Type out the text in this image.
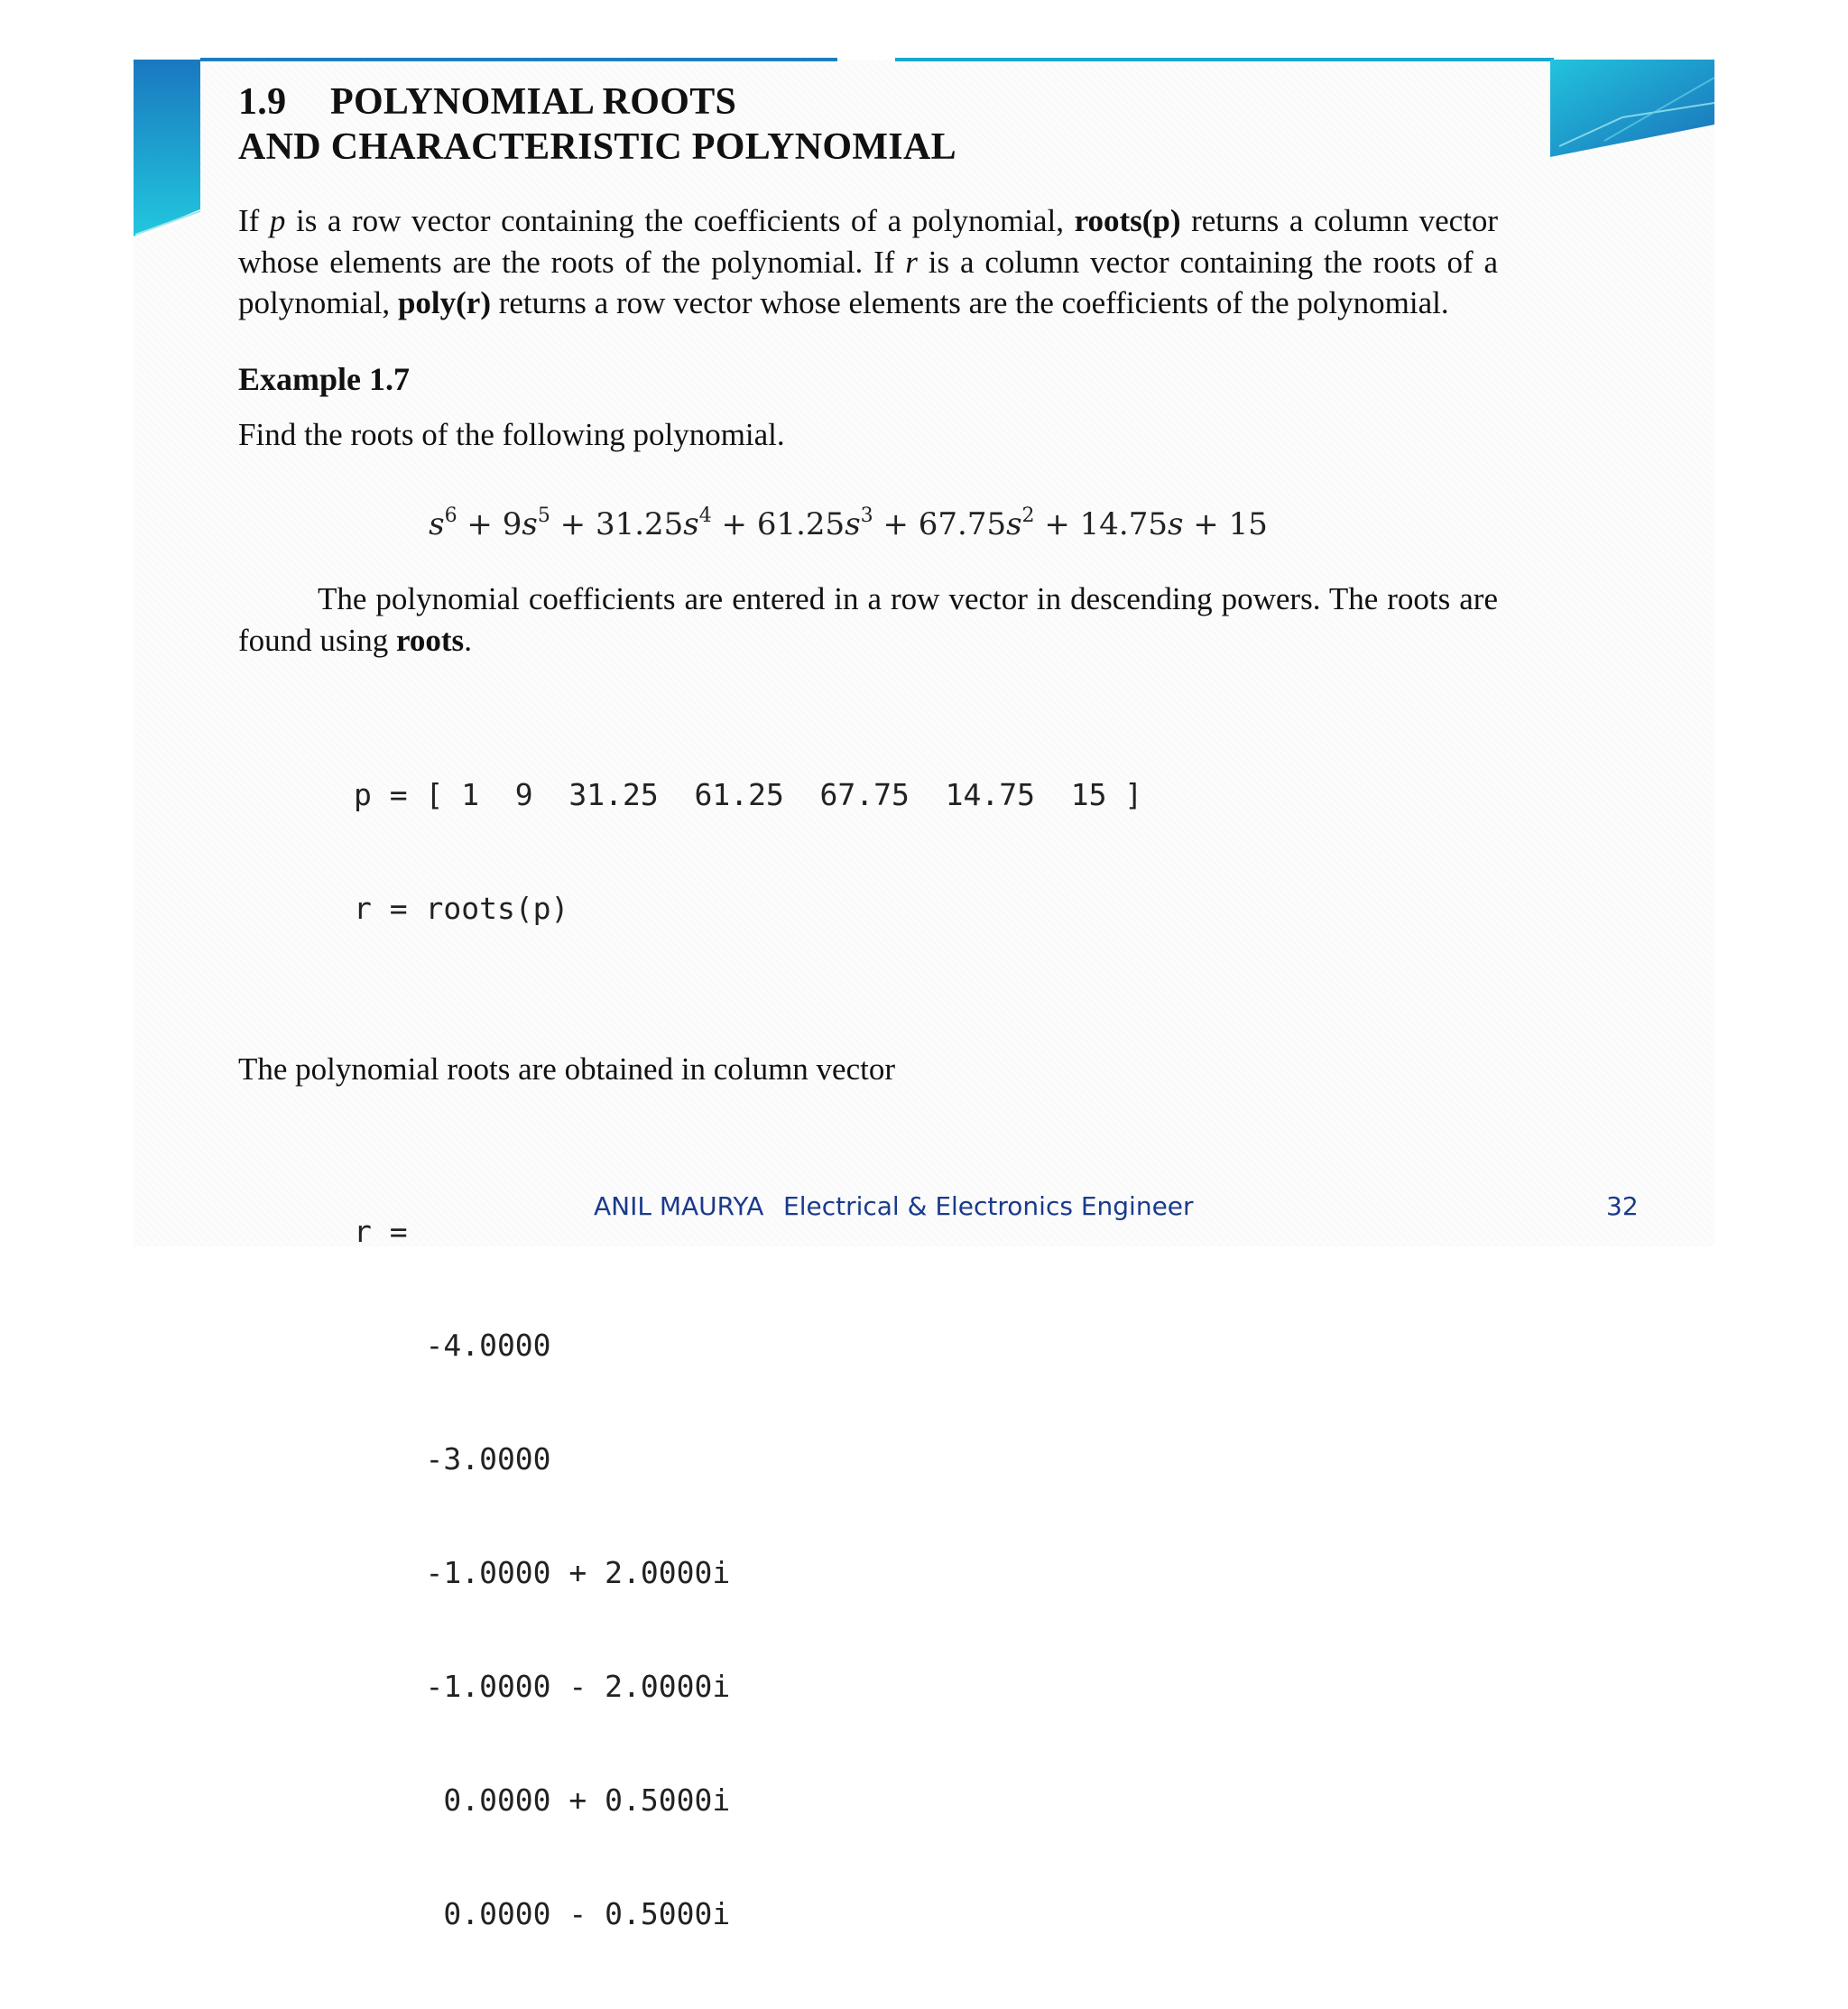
1.9 POLYNOMIAL ROOTS
AND CHARACTERISTIC POLYNOMIAL
If p is a row vector containing the coefficients of a polynomial, roots(p) returns a column vector whose elements are the roots of the polynomial. If r is a column vector containing the roots of a polynomial, poly(r) returns a row vector whose elements are the coefficients of the polynomial.
Example 1.7
Find the roots of the following polynomial.
$s^6 + 9s^5 + 31.25s^4 + 61.25s^3 + 67.75s^2 + 14.75s + 15$
The polynomial coefficients are entered in a row vector in descending powers. The roots are found using roots.

p = [ 1  9  31.25  61.25  67.75  14.75  15 ]

r = roots(p)

The polynomial roots are obtained in column vector

r =

-4.0000

-3.0000

-1.0000 + 2.0000i

-1.0000 - 2.0000i

0.0000 + 0.5000i

0.0000 - 0.5000i

ANIL MAURYA Electrical & Electronics Engineer	32
